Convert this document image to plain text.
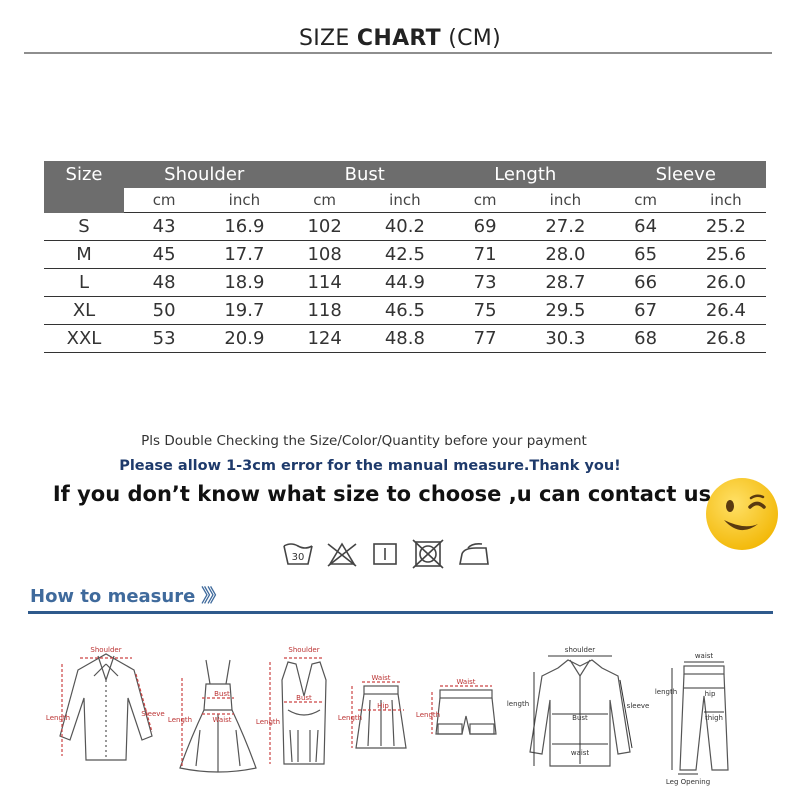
SIZE CHART (CM)
Size	Shoulder		Bust		Length		Sleeve	
	cm	inch	cm	inch	cm	inch	cm	inch
S	43	16.9	102	40.2	69	27.2	64	25.2
M	45	17.7	108	42.5	71	28.0	65	25.6
L	48	18.9	114	44.9	73	28.7	66	26.0
XL	50	19.7	118	46.5	75	29.5	67	26.4
XXL	53	20.9	124	48.8	77	30.3	68	26.8
Pls Double Checking the Size/Color/Quantity before your payment
Please allow 1-3cm error for the manual measure.Thank you!
If you don’t know what size to choose ,u can contact us
30
How to measure 》》
Shoulder
Length	Sleeve
Bust
Waist
Length
Shoulder
Bust
Length
Waist
Hip
Length
Waist
Length
shoulder
length
Bust
sleeve
waist
waist
length	hip
thigh
Leg Opening
